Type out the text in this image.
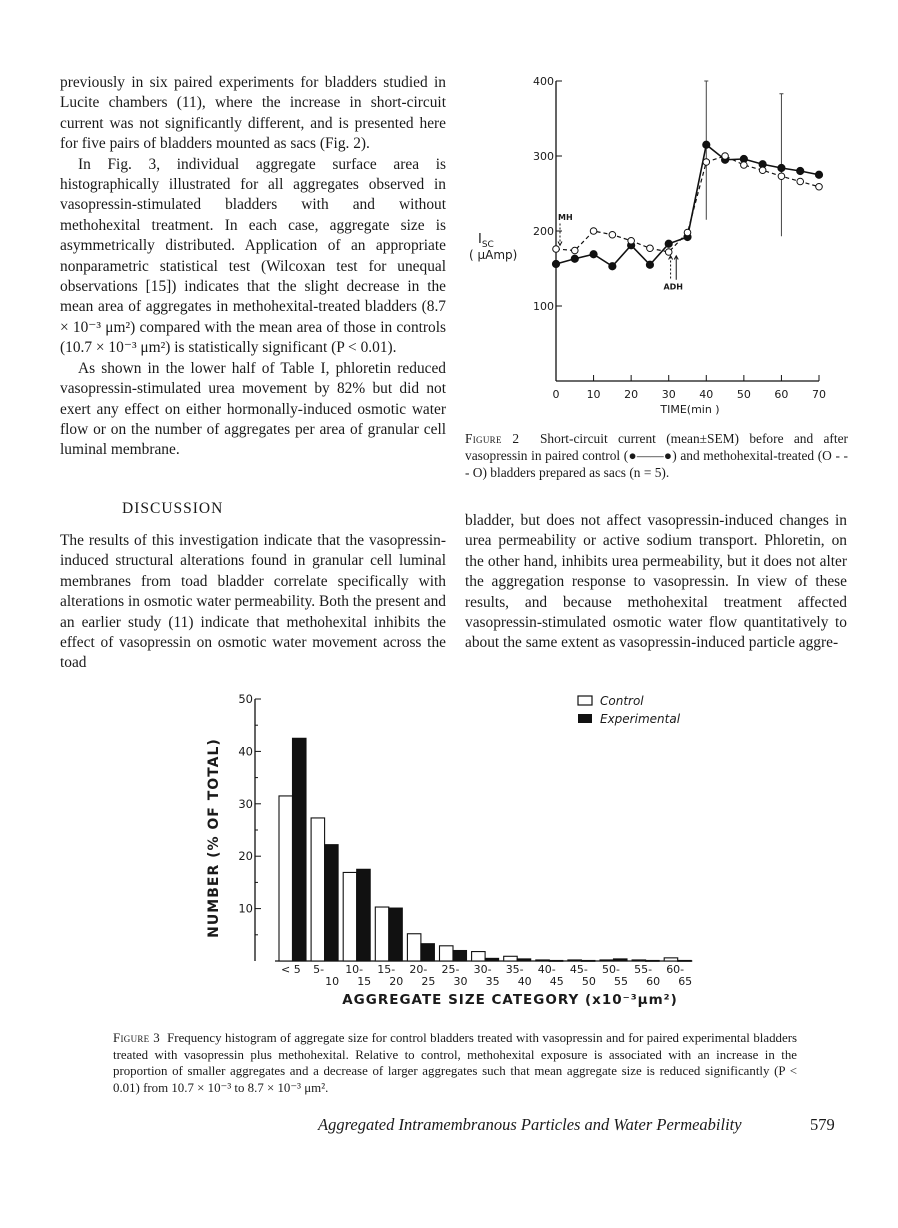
previously in six paired experiments for bladders studied in Lucite chambers (11), where the increase in short-circuit current was not significantly different, and is presented here for five pairs of bladders mounted as sacs (Fig. 2).

In Fig. 3, individual aggregate surface area is histographically illustrated for all aggregates observed in vasopressin-stimulated bladders with and without methohexital treatment. In each case, aggregate size is asymmetrically distributed. Application of an appropriate nonparametric statistical test (Wilcoxan test for unequal observations [15]) indicates that the slight decrease in the mean area of aggregates in methohexital-treated bladders (8.7 × 10⁻³ μm²) compared with the mean area of those in controls (10.7 × 10⁻³ μm²) is statistically significant (P < 0.01).

As shown in the lower half of Table I, phloretin reduced vasopressin-stimulated urea movement by 82% but did not exert any effect on either hormonally-induced osmotic water flow or on the number of aggregates per area of granular cell luminal membrane.

DISCUSSION

The results of this investigation indicate that the vasopressin-induced structural alterations found in granular cell luminal membranes from toad bladder correlate specifically with alterations in osmotic water permeability. Both the present and an earlier study (11) indicate that methohexital inhibits the effect of vasopressin on osmotic water movement across the toad

bladder, but does not affect vasopressin-induced changes in urea permeability or active sodium transport. Phloretin, on the other hand, inhibits urea permeability, but it does not alter the aggregation response to vasopressin. In view of these results, and because methohexital treatment affected vasopressin-stimulated osmotic water flow quantitatively to about the same extent as vasopressin-induced particle aggre-

100
200
300
400
0 10 20 30 40 50 60 70
MH
ADH
$I_{SC}$
( μAmp)
TIME(min )
Figure 2 Short-circuit current (mean±SEM) before and after vasopressin in paired control (●——●) and methohexital-treated (O - - - O) bladders prepared as sacs (n = 5).
10
20
30
40
50
< 5 5-
10
10-
15
15-
20
20-
25
25-
30
30-
35
35-
40
40-
45
45-
50
50-
55
55-
60
60-
65
NUMBER (% OF TOTAL)
AGGREGATE SIZE CATEGORY (x10⁻³μm²)
Control
Experimental
Figure 3 Frequency histogram of aggregate size for control bladders treated with vasopressin and for paired experimental bladders treated with vasopressin plus methohexital. Relative to control, methohexital exposure is associated with an increase in the proportion of smaller aggregates and a decrease of larger aggregates such that mean aggregate size is reduced significantly (P < 0.01) from 10.7 × 10⁻³ to 8.7 × 10⁻³ μm².
Aggregated Intramembranous Particles and Water Permeability	579
